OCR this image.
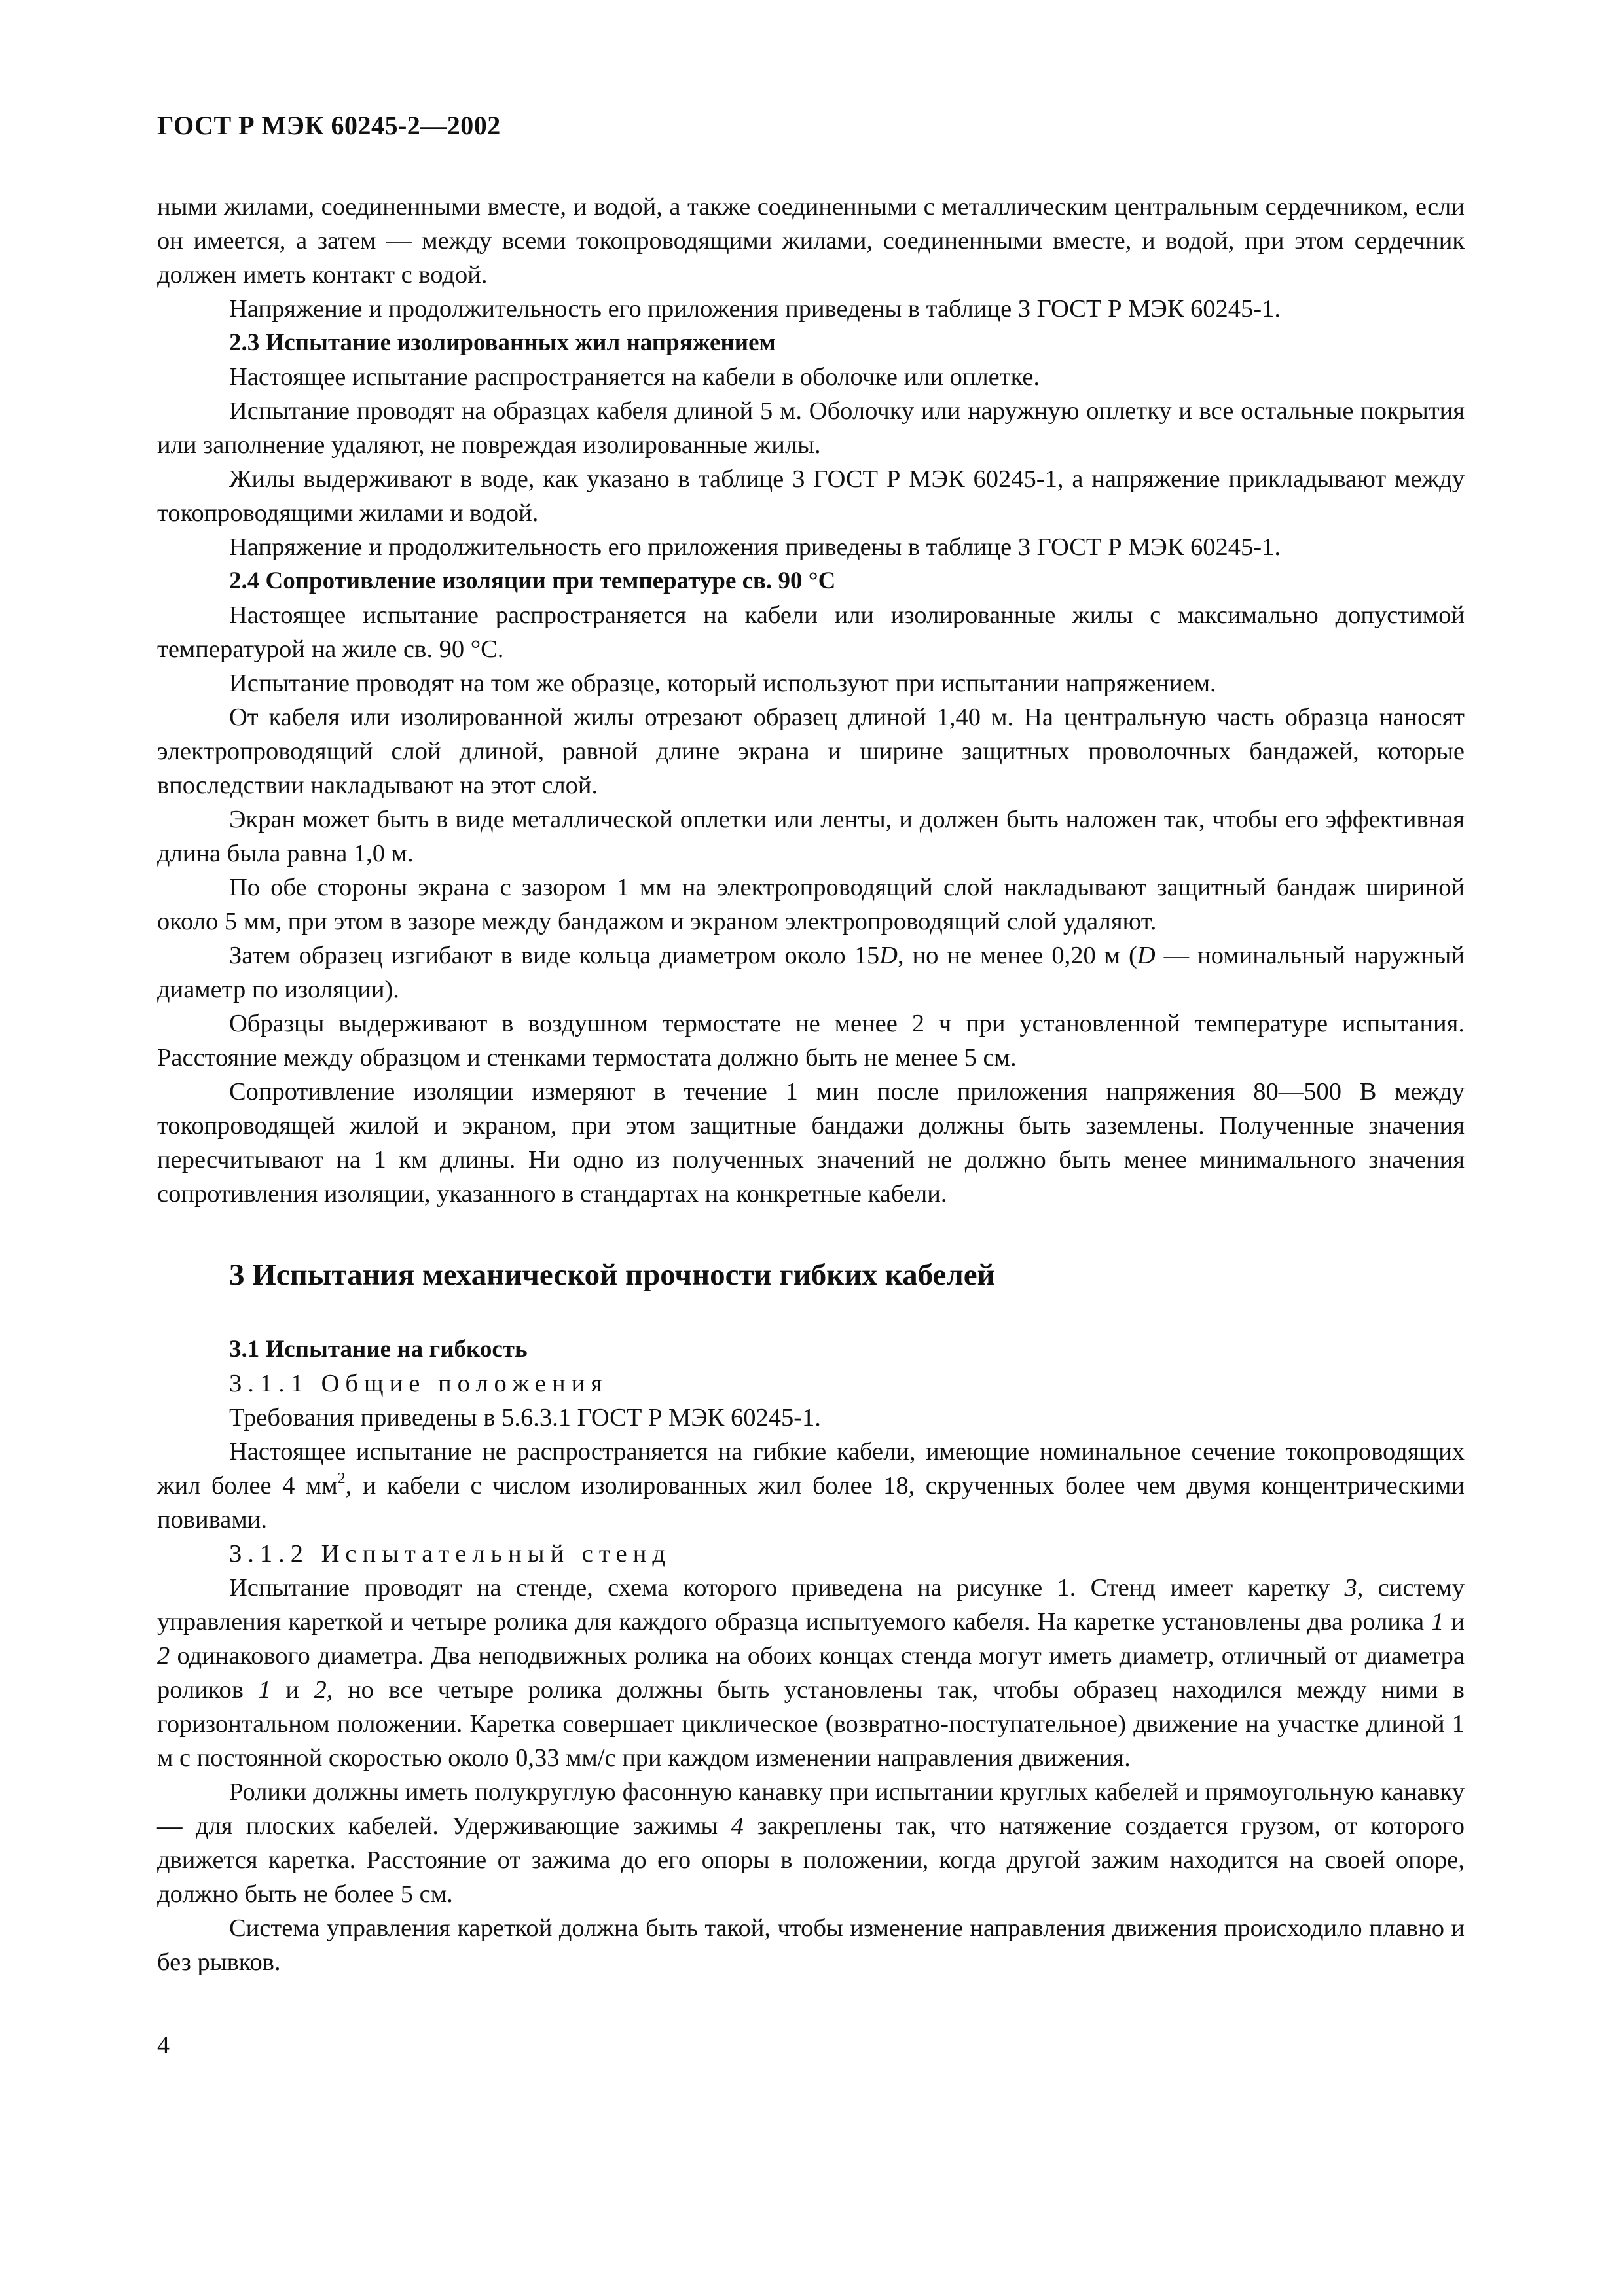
ГОСТ Р МЭК 60245-2—2002

ными жилами, соединенными вместе, и водой, а также соединенными с металлическим центральным сердечником, если он имеется, а затем — между всеми токопроводящими жилами, соединенными вместе, и водой, при этом сердечник должен иметь контакт с водой.

Напряжение и продолжительность его приложения приведены в таблице 3 ГОСТ Р МЭК 60245-1.

2.3 Испытание изолированных жил напряжением

Настоящее испытание распространяется на кабели в оболочке или оплетке.

Испытание проводят на образцах кабеля длиной 5 м. Оболочку или наружную оплетку и все остальные покрытия или заполнение удаляют, не повреждая изолированные жилы.

Жилы выдерживают в воде, как указано в таблице 3 ГОСТ Р МЭК 60245-1, а напряжение прикладывают между токопроводящими жилами и водой.

Напряжение и продолжительность его приложения приведены в таблице 3 ГОСТ Р МЭК 60245-1.

2.4 Сопротивление изоляции при температуре св. 90 °С

Настоящее испытание распространяется на кабели или изолированные жилы с максимально допустимой температурой на жиле св. 90 °С.

Испытание проводят на том же образце, который используют при испытании напряжением.

От кабеля или изолированной жилы отрезают образец длиной 1,40 м. На центральную часть образца наносят электропроводящий слой длиной, равной длине экрана и ширине защитных проволочных бандажей, которые впоследствии накладывают на этот слой.

Экран может быть в виде металлической оплетки или ленты, и должен быть наложен так, чтобы его эффективная длина была равна 1,0 м.

По обе стороны экрана с зазором 1 мм на электропроводящий слой накладывают защитный бандаж шириной около 5 мм, при этом в зазоре между бандажом и экраном электропроводящий слой удаляют.

Затем образец изгибают в виде кольца диаметром около 15D, но не менее 0,20 м (D — номинальный наружный диаметр по изоляции).

Образцы выдерживают в воздушном термостате не менее 2 ч при установленной температуре испытания. Расстояние между образцом и стенками термостата должно быть не менее 5 см.

Сопротивление изоляции измеряют в течение 1 мин после приложения напряжения 80—500 В между токопроводящей жилой и экраном, при этом защитные бандажи должны быть заземлены. Полученные значения пересчитывают на 1 км длины. Ни одно из полученных значений не должно быть менее минимального значения сопротивления изоляции, указанного в стандартах на конкретные кабели.

3 Испытания механической прочности гибких кабелей

3.1 Испытание на гибкость

3.1.1 Общие положения

Требования приведены в 5.6.3.1 ГОСТ Р МЭК 60245-1.

Настоящее испытание не распространяется на гибкие кабели, имеющие номинальное сечение токопроводящих жил более 4 $мм^2$, и кабели с числом изолированных жил более 18, скрученных более чем двумя концентрическими повивами.

3.1.2 Испытательный стенд

Испытание проводят на стенде, схема которого приведена на рисунке 1. Стенд имеет каретку 3, систему управления кареткой и четыре ролика для каждого образца испытуемого кабеля. На каретке установлены два ролика 1 и 2 одинакового диаметра. Два неподвижных ролика на обоих концах стенда могут иметь диаметр, отличный от диаметра роликов 1 и 2, но все четыре ролика должны быть установлены так, чтобы образец находился между ними в горизонтальном положении. Каретка совершает циклическое (возвратно-поступательное) движение на участке длиной 1 м с постоянной скоростью около 0,33 мм/с при каждом изменении направления движения.

Ролики должны иметь полукруглую фасонную канавку при испытании круглых кабелей и прямоугольную канавку — для плоских кабелей. Удерживающие зажимы 4 закреплены так, что натяжение создается грузом, от которого движется каретка. Расстояние от зажима до его опоры в положении, когда другой зажим находится на своей опоре, должно быть не более 5 см.

Система управления кареткой должна быть такой, чтобы изменение направления движения происходило плавно и без рывков.

4
